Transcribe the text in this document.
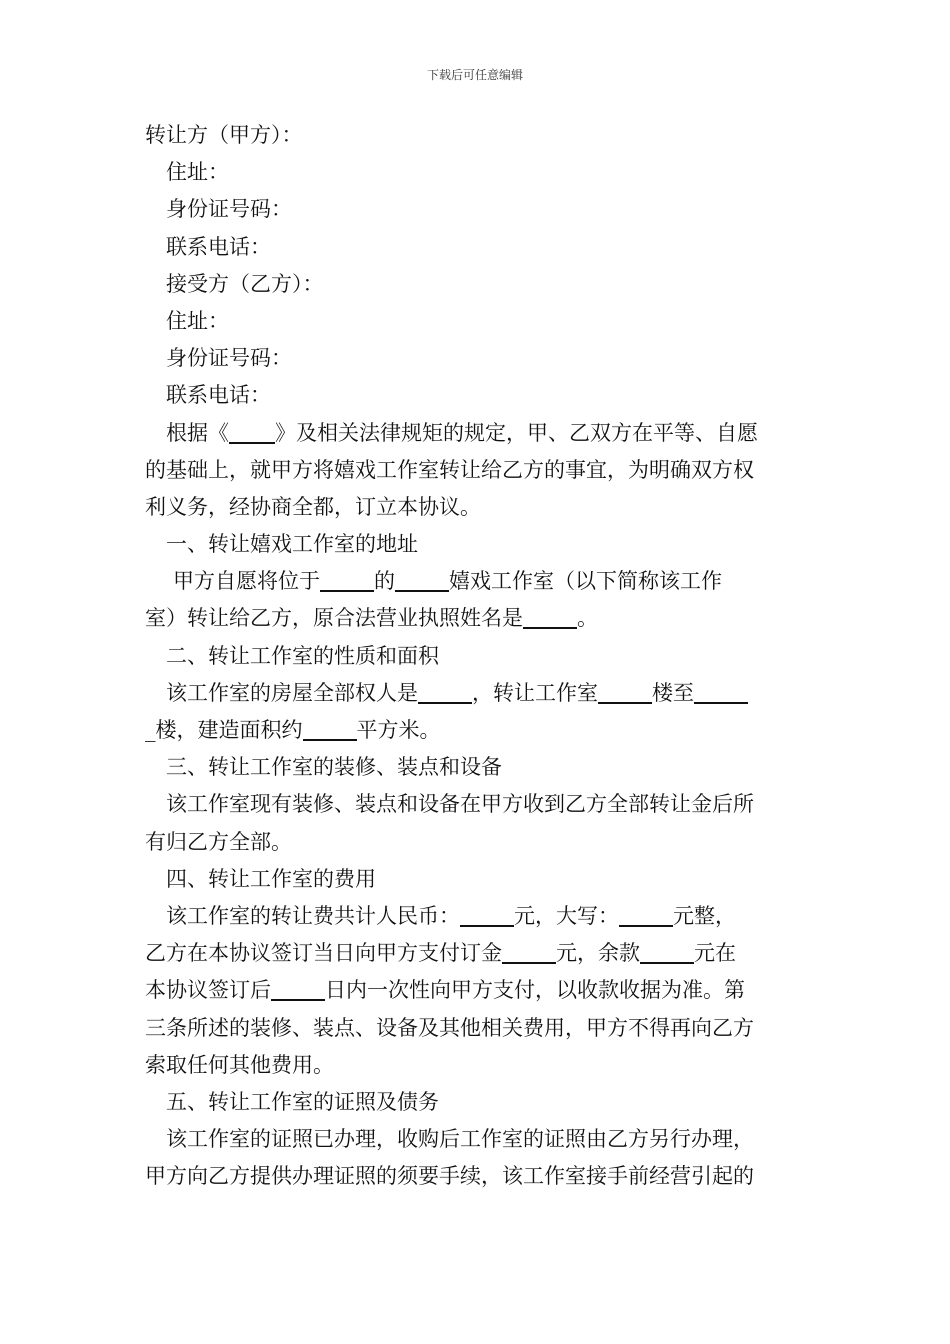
下载后可任意编辑
转让方（甲方）：
住址：
身份证号码：
联系电话：
接受方（乙方）：
住址：
身份证号码：
联系电话：
根据《 》及相关法律规矩的规定，甲、乙双方在平等、自愿
的基础上，就甲方将嬉戏工作室转让给乙方的事宜，为明确双方权
利义务，经协商全都，订立本协议。
一、转让嬉戏工作室的地址
甲方自愿将位于	的	嬉戏工作室（以下简称该工作
室）转让给乙方，原合法营业执照姓名是	。
二、转让工作室的性质和面积
该工作室的房屋全部权人是	，转让工作室	楼至
_楼，建造面积约	平方米。
三、转让工作室的装修、装点和设备
该工作室现有装修、装点和设备在甲方收到乙方全部转让金后所
有归乙方全部。
四、转让工作室的费用
该工作室的转让费共计人民币：	元，大写：	元整，
乙方在本协议签订当日向甲方支付订金	元，余款	元在
本协议签订后	日内一次性向甲方支付，以收款收据为准。第
三条所述的装修、装点、设备及其他相关费用，甲方不得再向乙方
索取任何其他费用。
五、转让工作室的证照及债务
该工作室的证照已办理，收购后工作室的证照由乙方另行办理，
甲方向乙方提供办理证照的须要手续，该工作室接手前经营引起的
